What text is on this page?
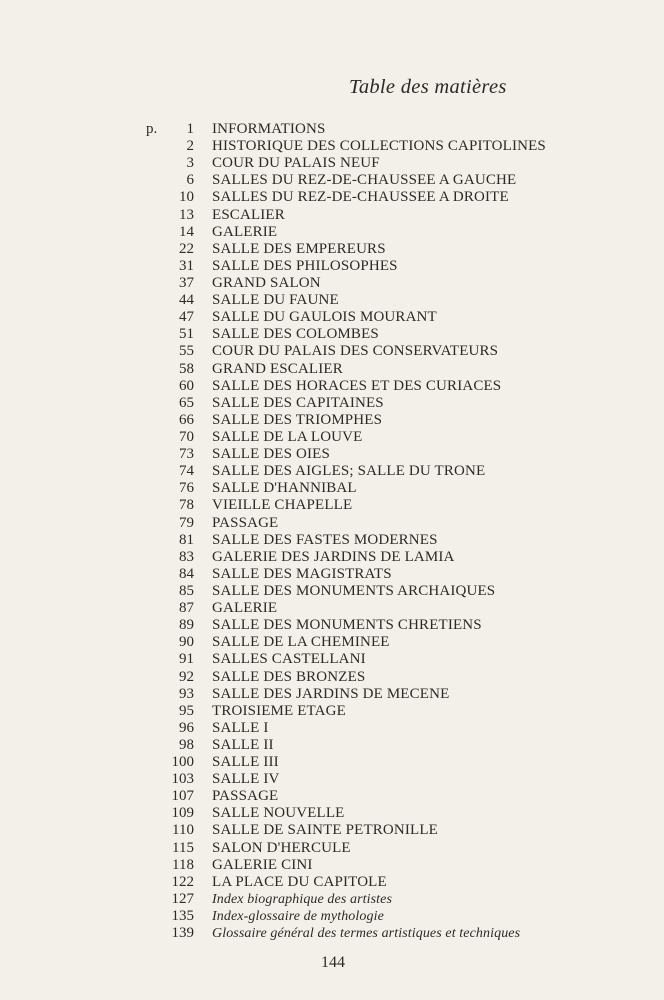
Table des matières
p.	1 INFORMATIONS
2 HISTORIQUE DES COLLECTIONS CAPITOLINES
3 COUR DU PALAIS NEUF
6 SALLES DU REZ-DE-CHAUSSEE A GAUCHE
10 SALLES DU REZ-DE-CHAUSSEE A DROITE
13 ESCALIER
14 GALERIE
22 SALLE DES EMPEREURS
31 SALLE DES PHILOSOPHES
37 GRAND SALON
44 SALLE DU FAUNE
47 SALLE DU GAULOIS MOURANT
51 SALLE DES COLOMBES
55 COUR DU PALAIS DES CONSERVATEURS
58 GRAND ESCALIER
60 SALLE DES HORACES ET DES CURIACES
65 SALLE DES CAPITAINES
66 SALLE DES TRIOMPHES
70 SALLE DE LA LOUVE
73 SALLE DES OIES
74 SALLE DES AIGLES; SALLE DU TRONE
76 SALLE D'HANNIBAL
78 VIEILLE CHAPELLE
79 PASSAGE
81 SALLE DES FASTES MODERNES
83 GALERIE DES JARDINS DE LAMIA
84 SALLE DES MAGISTRATS
85 SALLE DES MONUMENTS ARCHAIQUES
87 GALERIE
89 SALLE DES MONUMENTS CHRETIENS
90 SALLE DE LA CHEMINEE
91 SALLES CASTELLANI
92 SALLE DES BRONZES
93 SALLE DES JARDINS DE MECENE
95 TROISIEME ETAGE
96 SALLE I
98 SALLE II
100 SALLE III
103 SALLE IV
107 PASSAGE
109 SALLE NOUVELLE
110 SALLE DE SAINTE PETRONILLE
115 SALON D'HERCULE
118 GALERIE CINI
122 LA PLACE DU CAPITOLE
127 Index biographique des artistes
135 Index-glossaire de mythologie
139 Glossaire général des termes artistiques et techniques
144
